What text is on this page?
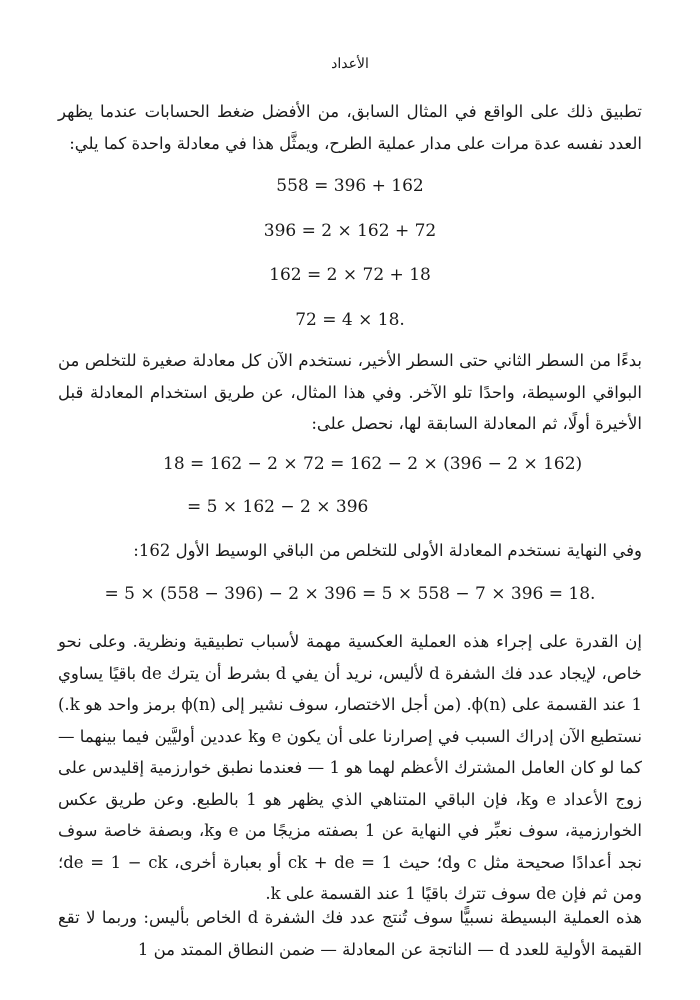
الأعداد
تطبيق ذلك على الواقع في المثال السابق، من الأفضل ضغط الحسابات عندما يظهر العدد نفسه عدة مرات على مدار عملية الطرح، ويمثَّل هذا في معادلة واحدة كما يلي:
558 = 396 + 162
396 = 2 × 162 + 72
162 = 2 × 72 + 18
72 = 4 × 18.
بدءًا من السطر الثاني حتى السطر الأخير، نستخدم الآن كل معادلة صغيرة للتخلص من البواقي الوسيطة، واحدًا تلو الآخر. وفي هذا المثال، عن طريق استخدام المعادلة قبل الأخيرة أولًا، ثم المعادلة السابقة لها، نحصل على:
18 = 162 − 2 × 72 = 162 − 2 × (396 − 2 × 162)
= 5 × 162 − 2 × 396
وفي النهاية نستخدم المعادلة الأولى للتخلص من الباقي الوسيط الأول 162:
= 5 × (558 − 396) − 2 × 396 = 5 × 558 − 7 × 396 = 18.
إن القدرة على إجراء هذه العملية العكسية مهمة لأسباب تطبيقية ونظرية. وعلى نحو خاص، لإيجاد عدد فك الشفرة d لأليس، نريد أن يفي d بشرط أن يترك de باقيًا يساوي 1 عند القسمة على ϕ(n). (من أجل الاختصار، سوف نشير إلى ϕ(n) برمز واحد هو k.) نستطيع الآن إدراك السبب في إصرارنا على أن يكون e وk عددين أوليَّين فيما بينهما — كما لو كان العامل المشترك الأعظم لهما هو 1 — فعندما نطبق خوارزمية إقليدس على زوج الأعداد e وk، فإن الباقي المتناهي الذي يظهر هو 1 بالطبع. وعن طريق عكس الخوارزمية، سوف نعبِّر في النهاية عن 1 بصفته مزيجًا من e وk، وبصفة خاصة سوف نجد أعدادًا صحيحة مثل c وd؛ حيث ck + de = 1 أو بعبارة أخرى، de = 1 − ck؛ ومن ثم فإن de سوف تترك باقيًا 1 عند القسمة على k.
هذه العملية البسيطة نسبيًّا سوف تُنتج عدد فك الشفرة d الخاص بأليس: وربما لا تقع القيمة الأولية للعدد d — الناتجة عن المعادلة — ضمن النطاق الممتد من 1
